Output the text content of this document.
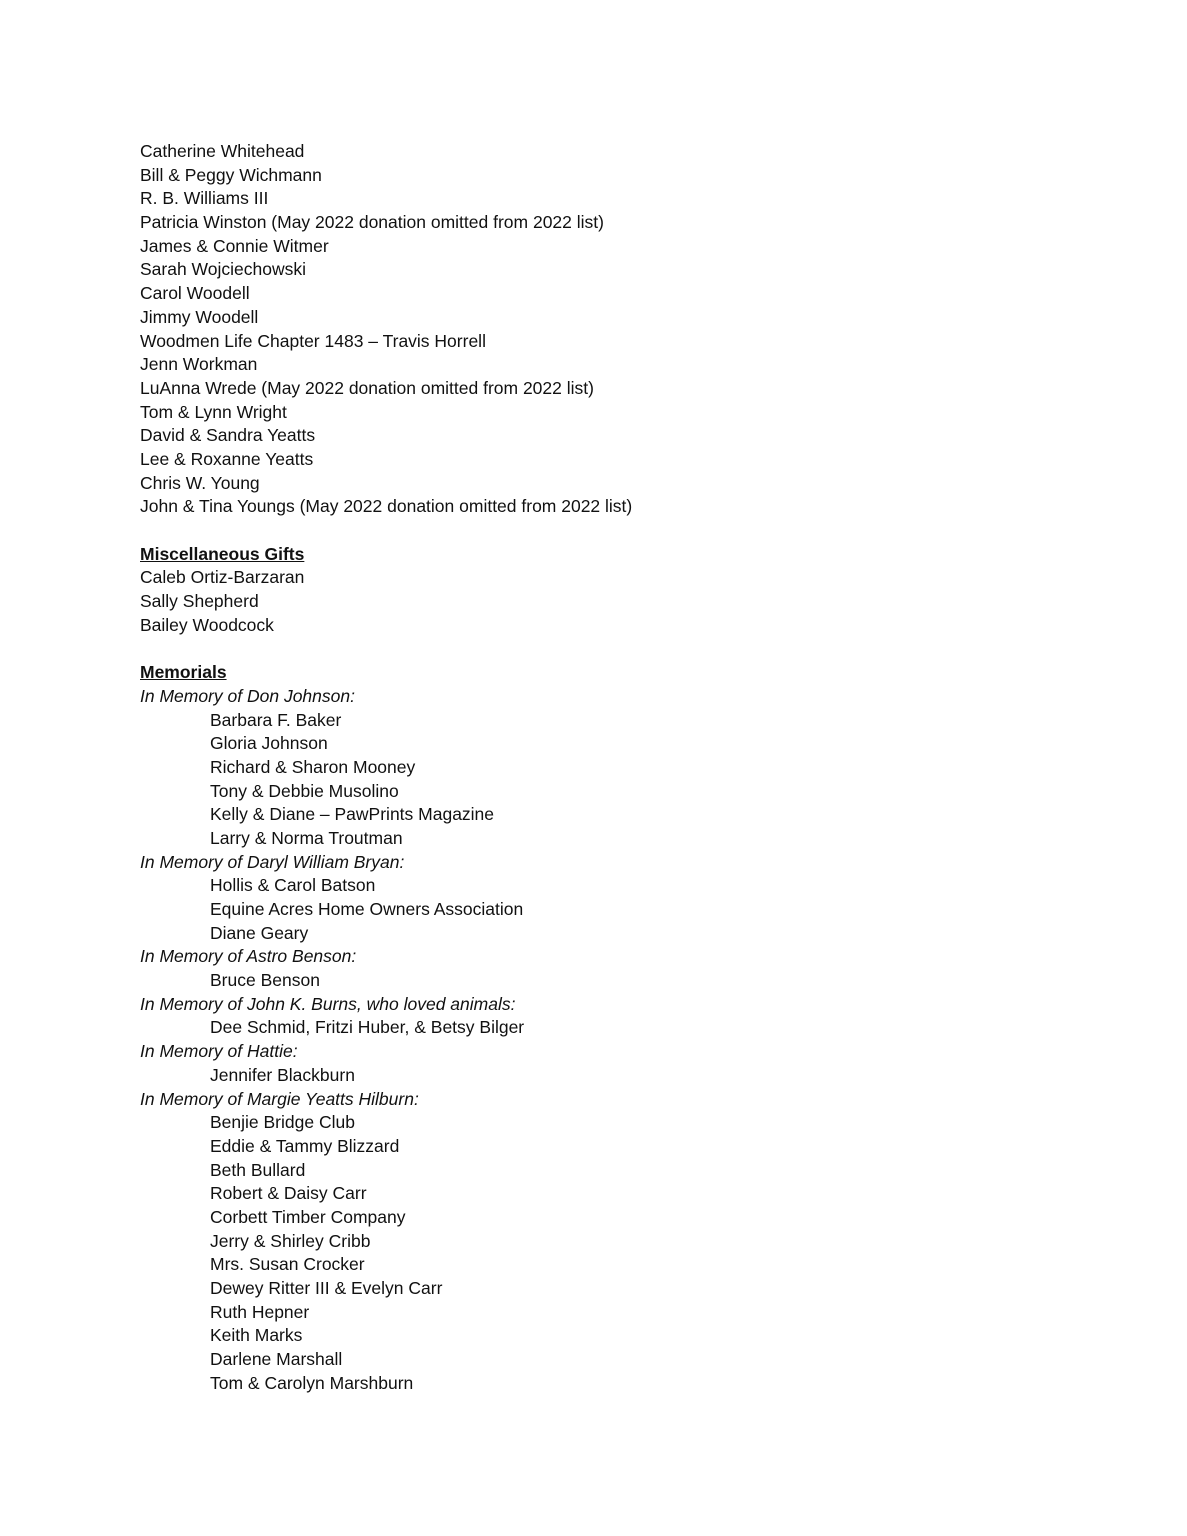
Catherine Whitehead
Bill & Peggy Wichmann
R. B. Williams III
Patricia Winston (May 2022 donation omitted from 2022 list)
James & Connie Witmer
Sarah Wojciechowski
Carol Woodell
Jimmy Woodell
Woodmen Life Chapter 1483 – Travis Horrell
Jenn Workman
LuAnna Wrede (May 2022 donation omitted from 2022 list)
Tom & Lynn Wright
David & Sandra Yeatts
Lee & Roxanne Yeatts
Chris W. Young
John & Tina Youngs (May 2022 donation omitted from 2022 list)
Miscellaneous Gifts
Caleb Ortiz-Barzaran
Sally Shepherd
Bailey Woodcock
Memorials
In Memory of Don Johnson:
Barbara F. Baker
Gloria Johnson
Richard & Sharon Mooney
Tony & Debbie Musolino
Kelly & Diane – PawPrints Magazine
Larry & Norma Troutman
In Memory of Daryl William Bryan:
Hollis & Carol Batson
Equine Acres Home Owners Association
Diane Geary
In Memory of Astro Benson:
Bruce Benson
In Memory of John K. Burns, who loved animals:
Dee Schmid, Fritzi Huber, & Betsy Bilger
In Memory of Hattie:
Jennifer Blackburn
In Memory of Margie Yeatts Hilburn:
Benjie Bridge Club
Eddie & Tammy Blizzard
Beth Bullard
Robert & Daisy Carr
Corbett Timber Company
Jerry & Shirley Cribb
Mrs. Susan Crocker
Dewey Ritter III & Evelyn Carr
Ruth Hepner
Keith Marks
Darlene Marshall
Tom & Carolyn Marshburn
